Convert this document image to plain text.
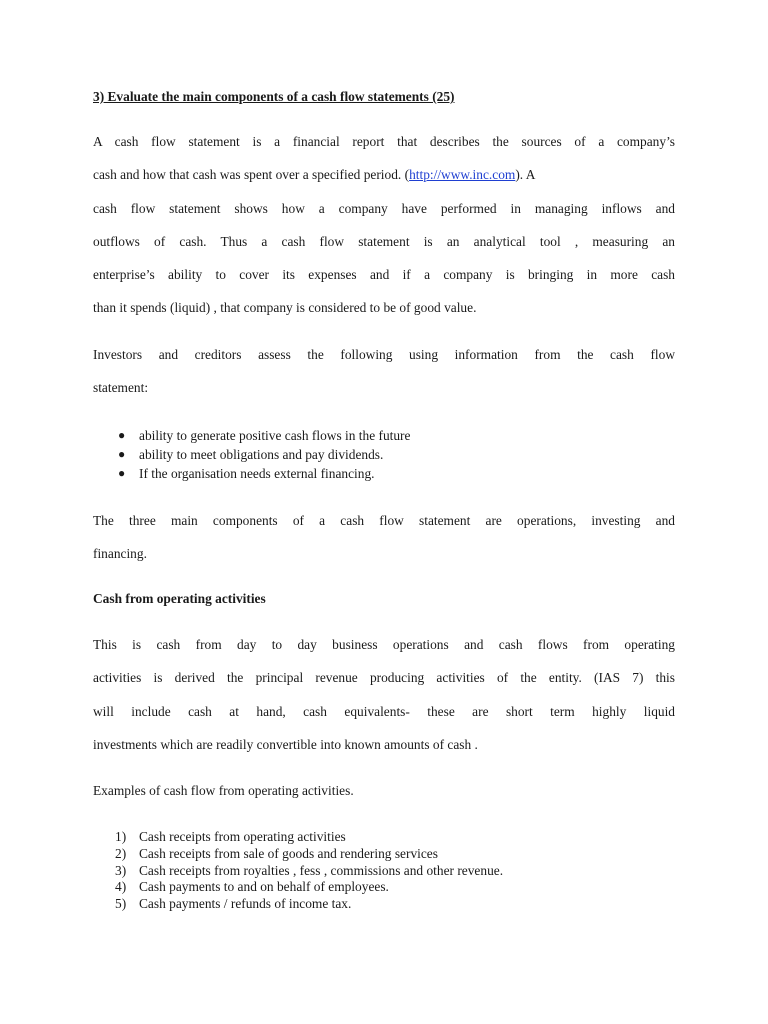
3) Evaluate the main components of a cash flow statements (25)
A cash flow statement is a financial report that describes the sources of a company’s
cash and how that cash was spent over a specified period. (http://www.inc.com). A
cash flow statement shows how a company have performed in managing inflows and
outflows of cash. Thus a cash flow statement is an analytical tool , measuring an
enterprise’s ability to cover its expenses and if a company is bringing in more cash
than it spends (liquid) , that company is considered to be of good value.
Investors and creditors assess the following using information from the cash flow
statement:
● ability to generate positive cash flows in the future
● ability to meet obligations and pay dividends.
● If the organisation needs external financing.
The three main components of a cash flow statement are operations, investing and
financing.
Cash from operating activities
This is cash from day to day business operations and cash flows from operating
activities is derived the principal revenue producing activities of the entity. (IAS 7) this
will include cash at hand, cash equivalents- these are short term highly liquid
investments which are readily convertible into known amounts of cash .
Examples of cash flow from operating activities.
1) Cash receipts from operating activities
2) Cash receipts from sale of goods and rendering services
3) Cash receipts from royalties , fess , commissions and other revenue.
4) Cash payments to and on behalf of employees.
5) Cash payments / refunds of income tax.
